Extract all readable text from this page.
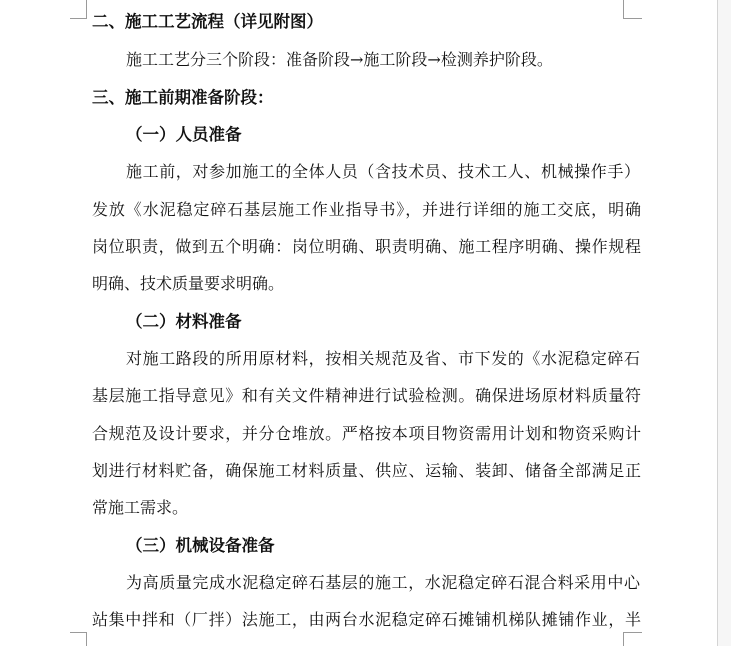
二、施工工艺流程（详见附图）
施工工艺分三个阶段：准备阶段→施工阶段→检测养护阶段。
三、施工前期准备阶段：
（一）人员准备
施工前，对参加施工的全体人员（含技术员、技术工人、机械操作手）
发放《水泥稳定碎石基层施工作业指导书》，并进行详细的施工交底，明确
岗位职责，做到五个明确：岗位明确、职责明确、施工程序明确、操作规程
明确、技术质量要求明确。
（二）材料准备
对施工路段的所用原材料，按相关规范及省、市下发的《水泥稳定碎石
基层施工指导意见》和有关文件精神进行试验检测。确保进场原材料质量符
合规范及设计要求，并分仓堆放。严格按本项目物资需用计划和物资采购计
划进行材料贮备，确保施工材料质量、供应、运输、装卸、储备全部满足正
常施工需求。
（三）机械设备准备
为高质量完成水泥稳定碎石基层的施工，水泥稳定碎石混合料采用中心
站集中拌和（厂拌）法施工，由两台水泥稳定碎石摊铺机梯队摊铺作业，半
